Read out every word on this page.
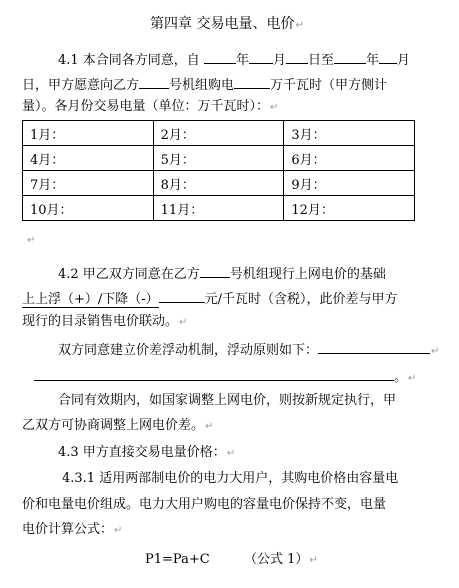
第四章 交易电量、电价↵
4.1 本合同各方同意，自	年 月 日至 年 月
日，甲方愿意向乙方 号机组购电	万千瓦时（甲方侧计
量）。各月份交易电量（单位：万千瓦时）：↵
1月：	2月：	3月：
4月：	5月：	6月：
7月：	8月：	9月：
10月：	11月：	12月：
↵
4.2 甲乙双方同意在乙方 号机组现行上网电价的基础
上上浮（+）/下降（-）	元/千瓦时（含税），此价差与甲方
现行的目录销售电价联动。↵
双方同意建立价差浮动机制，浮动原则如下：	↵
。↵
合同有效期内，如国家调整上网电价，则按新规定执行，甲
乙双方可协商调整上网电价差。↵
4.3 甲方直接交易电量价格：↵
4.3.1 适用两部制电价的电力大用户，其购电价格由容量电
价和电量电价组成。电力大用户购电的容量电价保持不变，电量
电价计算公式：↵
P1=Pa+C	（公式 1）↵
